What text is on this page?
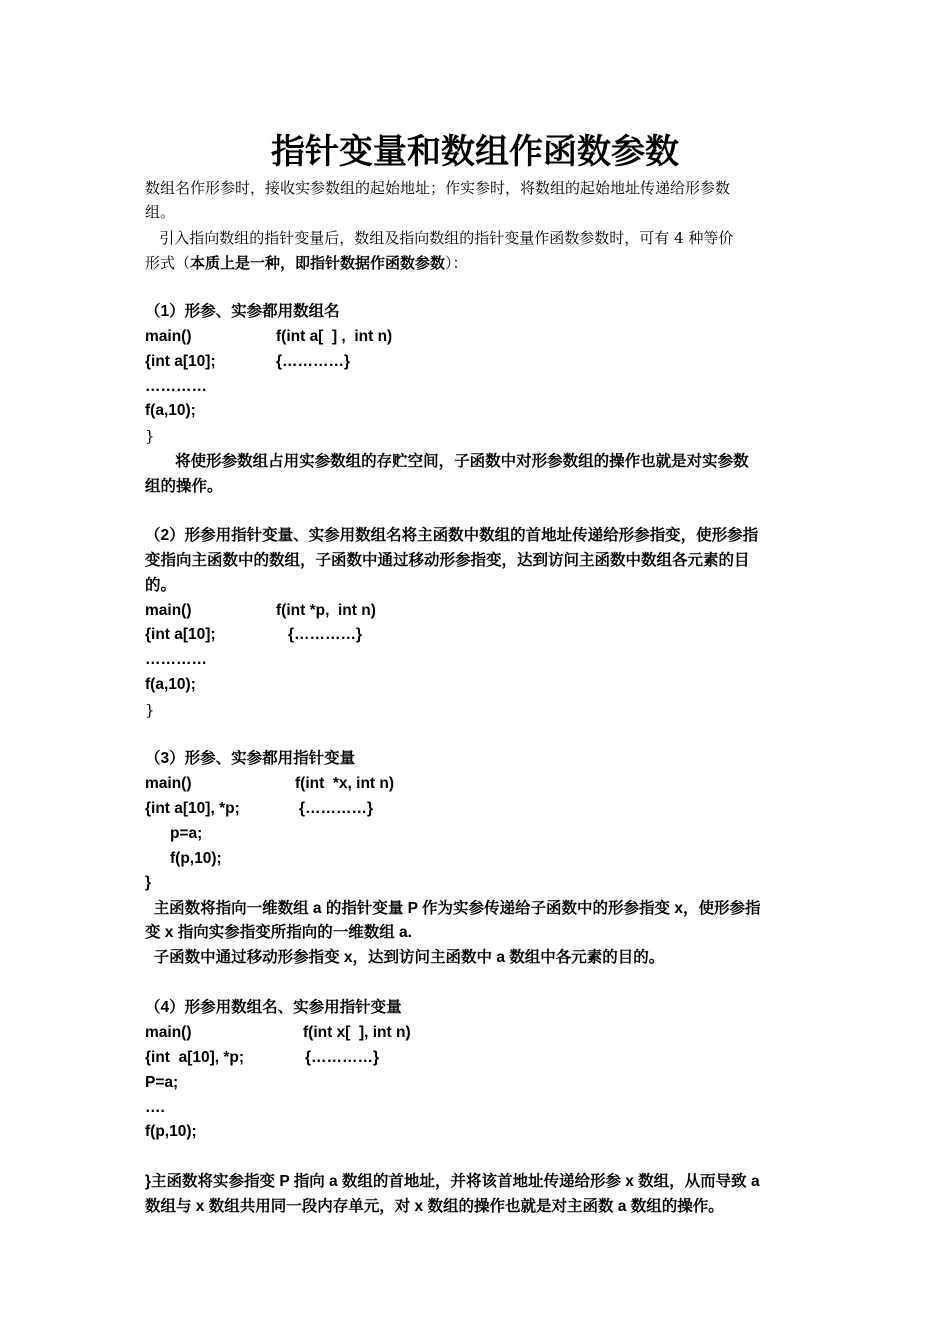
指针变量和数组作函数参数
数组名作形参时，接收实参数组的起始地址；作实参时，将数组的起始地址传递给形参数
组。
引入指向数组的指针变量后，数组及指向数组的指针变量作函数参数时，可有 4 种等价
形式（本质上是一种，即指针数据作函数参数）：
（1）形参、实参都用数组名
main()	f(int a[  ] ,  int n)
{int a[10];	{…………}
…………
f(a,10);
}
将使形参数组占用实参数组的存贮空间，子函数中对形参数组的操作也就是对实参数
组的操作。
（2）形参用指针变量、实参用数组名将主函数中数组的首地址传递给形参指变，使形参指
变指向主函数中的数组，子函数中通过移动形参指变，达到访问主函数中数组各元素的目
的。
main()	f(int *p,  int n)
{int a[10];	{…………}
…………
f(a,10);
}
（3）形参、实参都用指针变量
main()	f(int  *x, int n)
{int a[10], *p;	{…………}
p=a;
f(p,10);
}
主函数将指向一维数组 a 的指针变量 P 作为实参传递给子函数中的形参指变 x，使形参指
变 x 指向实参指变所指向的一维数组 a.
子函数中通过移动形参指变 x，达到访问主函数中 a 数组中各元素的目的。
（4）形参用数组名、实参用指针变量
main()	f(int x[  ], int n)
{int  a[10], *p;	{…………}
P=a;
….
f(p,10);
}主函数将实参指变 P 指向 a 数组的首地址，并将该首地址传递给形参 x 数组，从而导致 a
数组与 x 数组共用同一段内存单元，对 x 数组的操作也就是对主函数 a 数组的操作。
